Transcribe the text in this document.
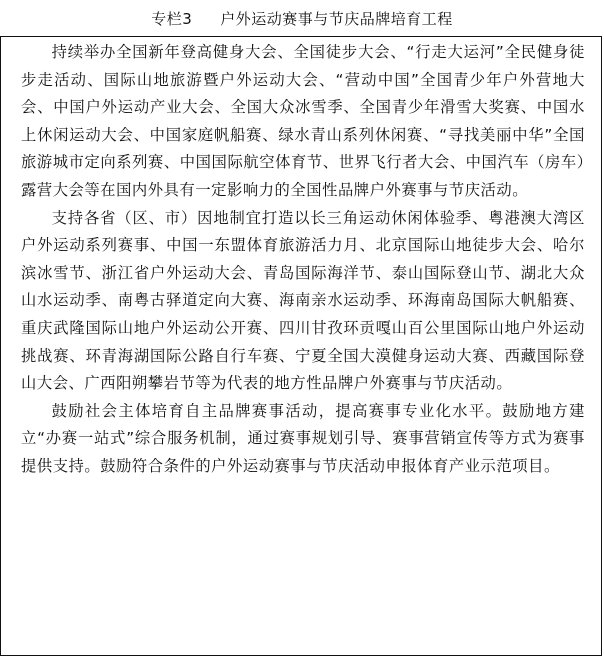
专栏3 户外运动赛事与节庆品牌培育工程

持续举办全国新年登高健身大会、全国徒步大会、“行走大运河”全民健身徒步走活动、国际山地旅游暨户外运动大会、“营动中国”全国青少年户外营地大会、中国户外运动产业大会、全国大众冰雪季、全国青少年滑雪大奖赛、中国水上休闲运动大会、中国家庭帆船赛、绿水青山系列休闲赛、“寻找美丽中华”全国旅游城市定向系列赛、中国国际航空体育节、世界飞行者大会、中国汽车（房车）露营大会等在国内外具有一定影响力的全国性品牌户外赛事与节庆活动。

支持各省（区、市）因地制宜打造以长三角运动休闲体验季、粤港澳大湾区户外运动系列赛事、中国一东盟体育旅游活力月、北京国际山地徒步大会、哈尔滨冰雪节、浙江省户外运动大会、青岛国际海洋节、泰山国际登山节、湖北大众山水运动季、南粤古驿道定向大赛、海南亲水运动季、环海南岛国际大帆船赛、重庆武隆国际山地户外运动公开赛、四川甘孜环贡嘎山百公里国际山地户外运动挑战赛、环青海湖国际公路自行车赛、宁夏全国大漠健身运动大赛、西藏国际登山大会、广西阳朔攀岩节等为代表的地方性品牌户外赛事与节庆活动。

鼓励社会主体培育自主品牌赛事活动，提高赛事专业化水平。鼓励地方建立“办赛一站式”综合服务机制，通过赛事规划引导、赛事营销宣传等方式为赛事提供支持。鼓励符合条件的户外运动赛事与节庆活动申报体育产业示范项目。
